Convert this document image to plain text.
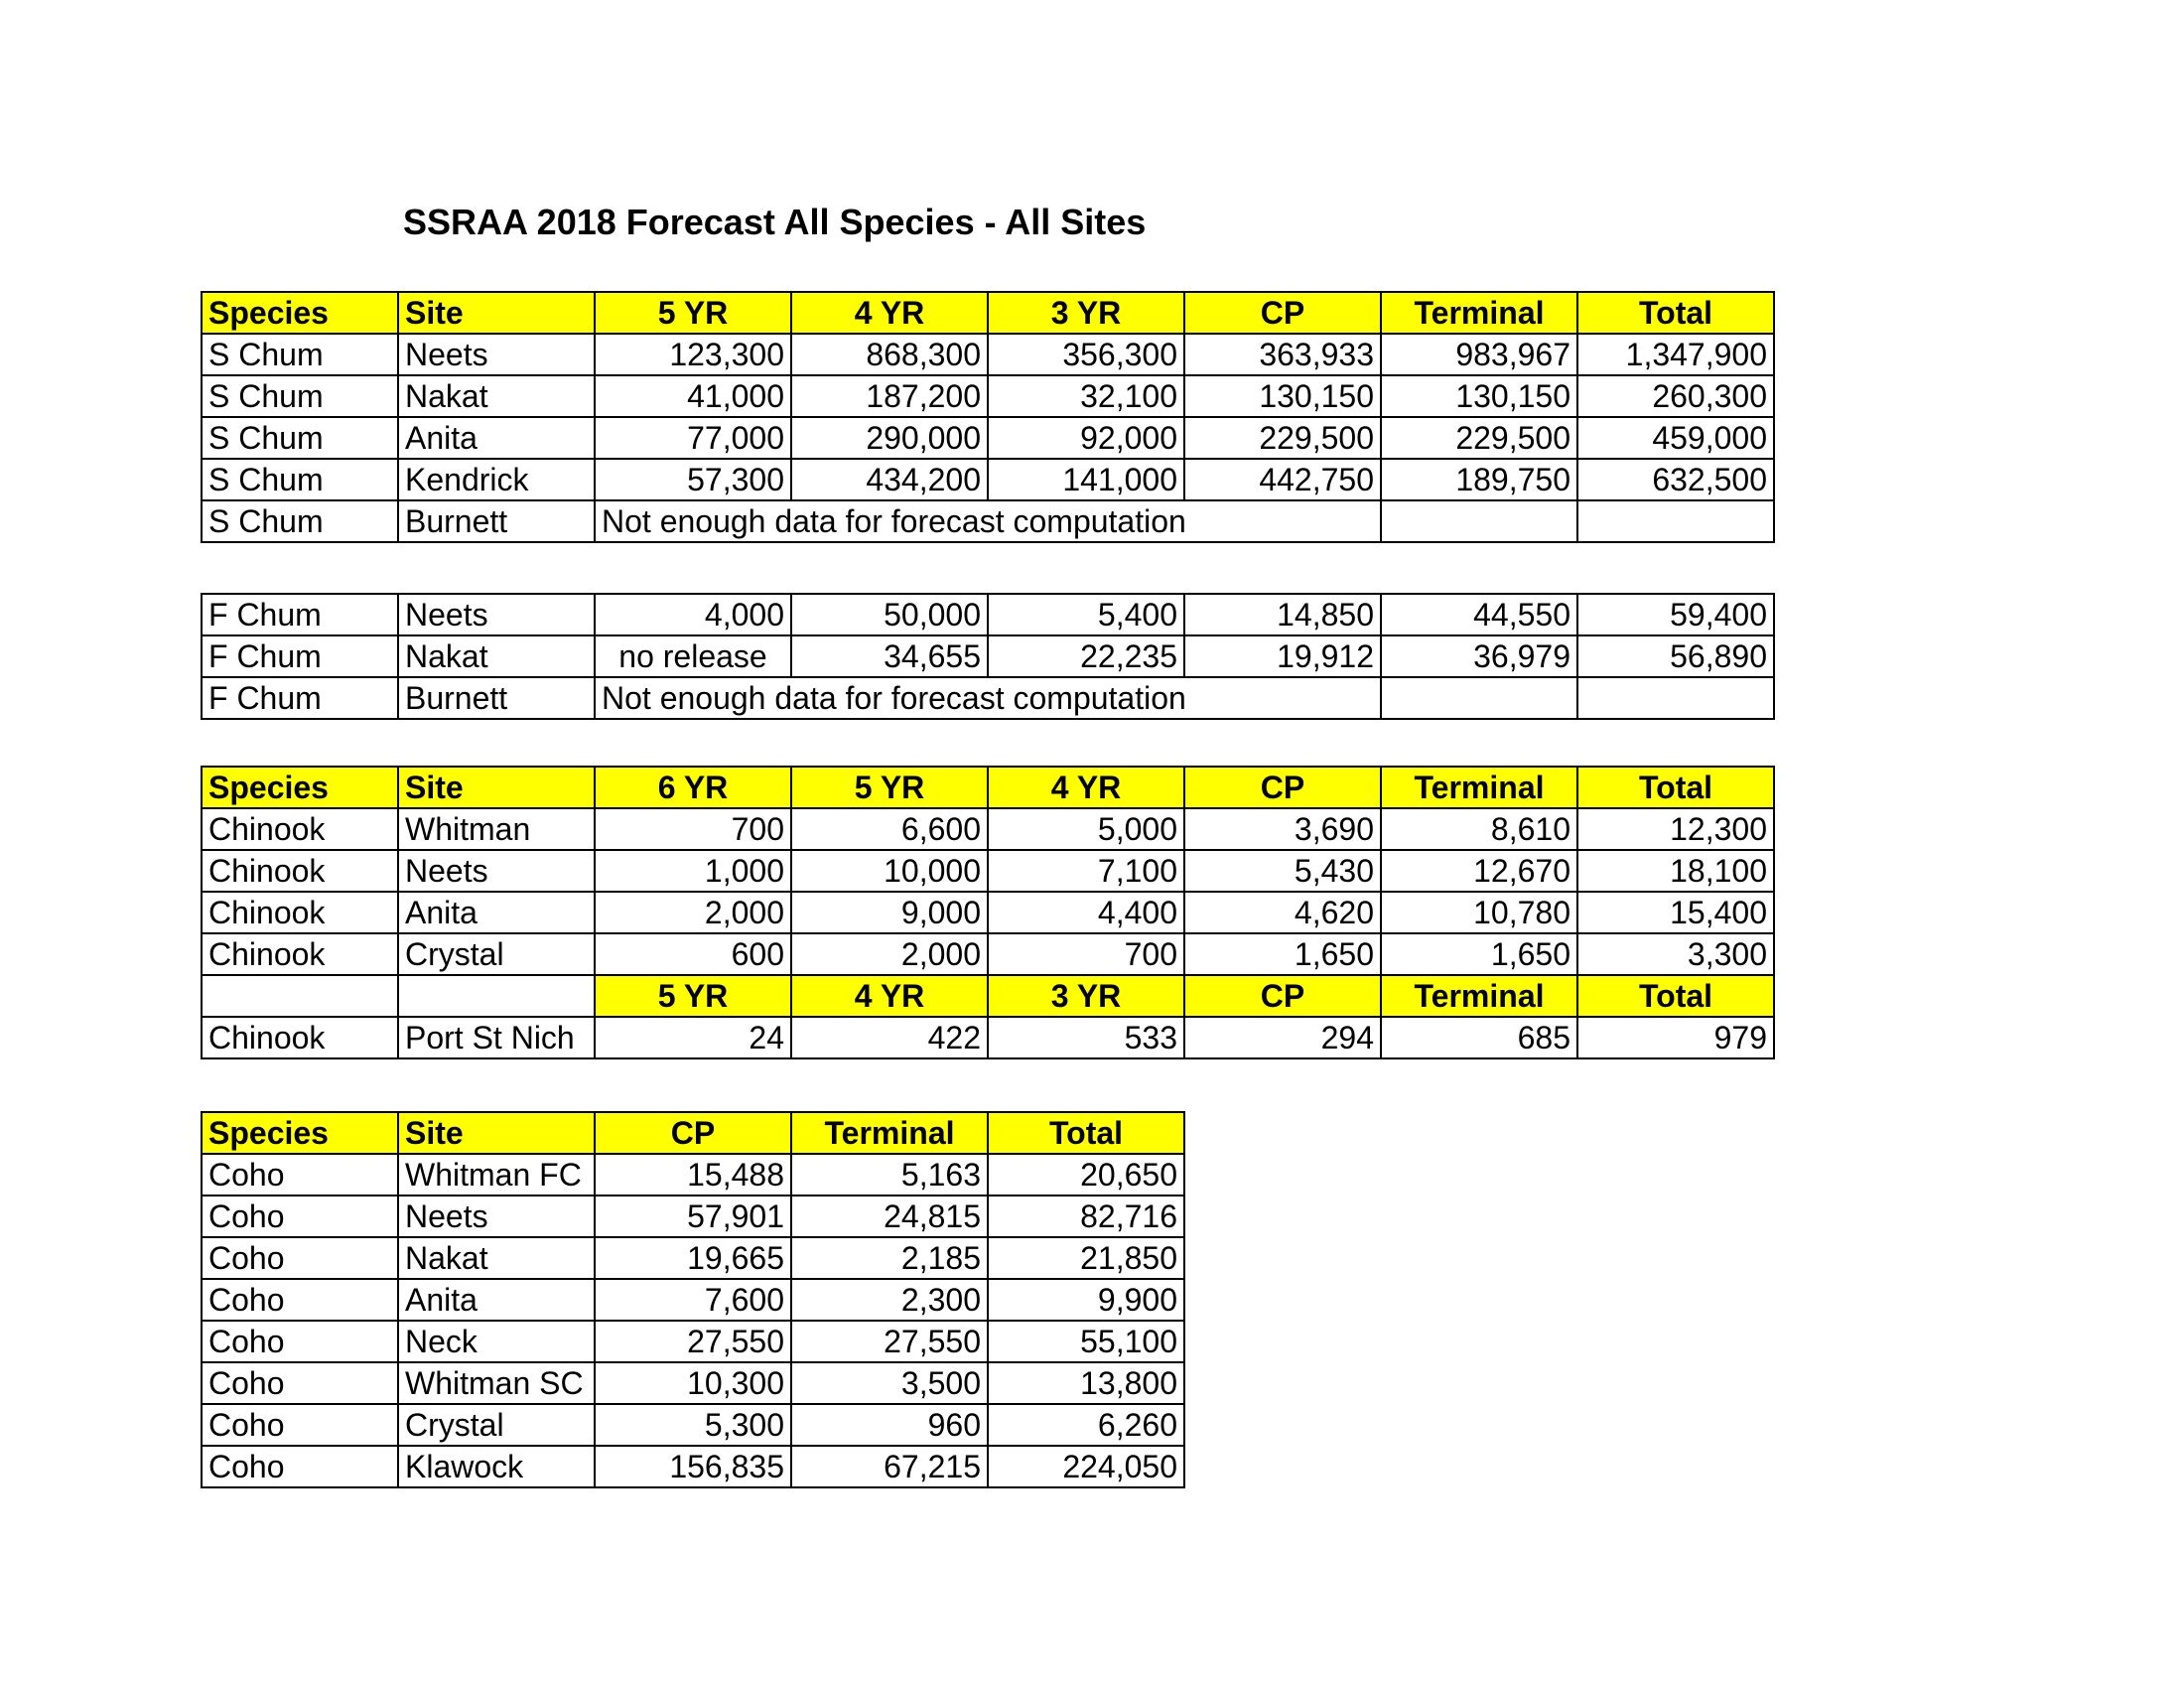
SSRAA 2018 Forecast All Species - All Sites
Species	Site	5 YR	4 YR	3 YR	CP	Terminal	Total
S Chum	Neets	123,300	868,300	356,300	363,933	983,967	1,347,900
S Chum	Nakat	41,000	187,200	32,100	130,150	130,150	260,300
S Chum	Anita	77,000	290,000	92,000	229,500	229,500	459,000
S Chum	Kendrick	57,300	434,200	141,000	442,750	189,750	632,500
S Chum	Burnett	Not enough data for forecast computation					
F Chum	Neets	4,000	50,000	5,400	14,850	44,550	59,400
F Chum	Nakat	no release	34,655	22,235	19,912	36,979	56,890
F Chum	Burnett	Not enough data for forecast computation					
Species	Site	6 YR	5 YR	4 YR	CP	Terminal	Total
Chinook	Whitman	700	6,600	5,000	3,690	8,610	12,300
Chinook	Neets	1,000	10,000	7,100	5,430	12,670	18,100
Chinook	Anita	2,000	9,000	4,400	4,620	10,780	15,400
Chinook	Crystal	600	2,000	700	1,650	1,650	3,300
		5 YR	4 YR	3 YR	CP	Terminal	Total
Chinook	Port St Nich	24	422	533	294	685	979
Species	Site	CP	Terminal	Total
Coho	Whitman FC	15,488	5,163	20,650
Coho	Neets	57,901	24,815	82,716
Coho	Nakat	19,665	2,185	21,850
Coho	Anita	7,600	2,300	9,900
Coho	Neck	27,550	27,550	55,100
Coho	Whitman SC	10,300	3,500	13,800
Coho	Crystal	5,300	960	6,260
Coho	Klawock	156,835	67,215	224,050
